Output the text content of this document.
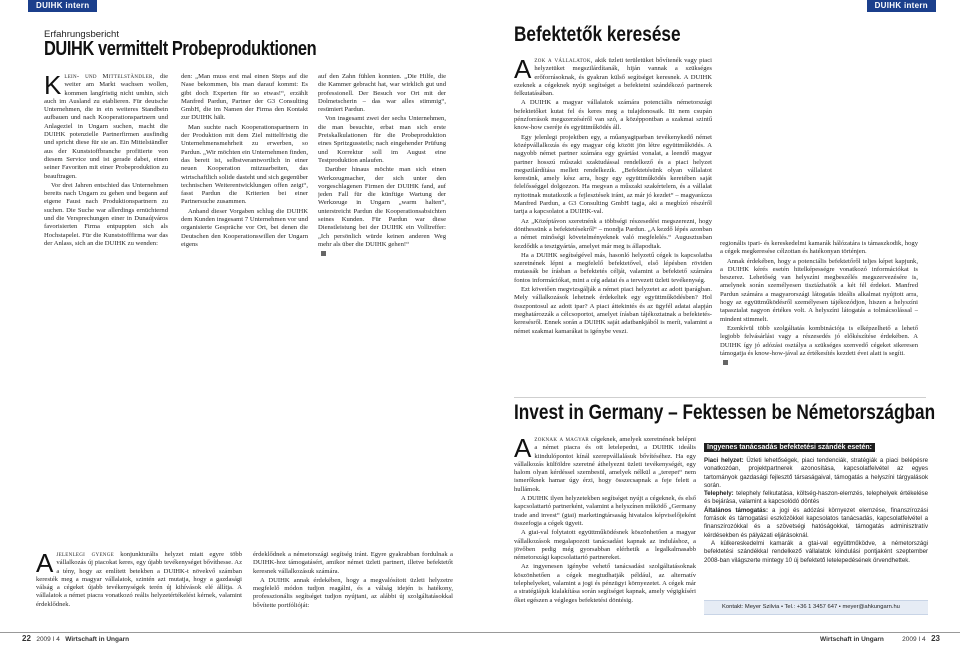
DUIHK intern
Erfahrungsbericht
DUIHK vermittelt Probeproduktionen

Klein- und Mittelständler, die weiter am Markt wachsen wollen, kommen langfristig nicht umhin, sich auch im Ausland zu etablieren. Für deutsche Unternehmen, die in ein weiteres Standbein aufbauen und nach Kooperationspartnern und Anlageziel in Ungarn suchen, macht die DUIHK potenzielle Partnerfirmen ausfindig und spricht diese für sie an. Ein Mittelständler aus der Kunststoffbranche profitierte von diesem Service und ist gerade dabei, einen seiner Favoriten mit einer Probeproduktion zu beauftragen.

Vor drei Jahren entschied das Unternehmen bereits nach Ungarn zu gehen und begann auf eigene Faust nach Produktionspartnern zu suchen. Die Suche war allerdings ernüchternd und die Versprechungen einer in Dunaújváros favorisierten Firma entpuppten sich als Hochstapelei. Für die Kunststofffirma war das der Anlass, sich an die DUIHK zu wenden:

den: „Man muss erst mal einen Steps auf die Nase bekommen, bis man darauf kommt: Es gibt doch Experten für so etwas!“, erzählt Manfred Pardun, Partner der G3 Consulting GmbH, die im Namen der Firma den Kontakt zur DUIHK hält.

Man suchte nach Kooperationspartnern in der Produktion mit dem Ziel mittelfristig die Unternehmensmehrheit zu erwerben, so Pardun. „Wir möchten ein Unternehmen finden, das bereit ist, selbstverantwortlich in einer neuen Kooperation mitzuarbeiten, das wirtschaftlich solide dasteht und sich gegenüber technischen Weiterentwicklungen offen zeigt“, fasst Pardun die Kriterien bei einer Partnersuche zusammen.

Anhand dieser Vorgaben schlug die DUIHK dem Kunden insgesamt 7 Unternehmen vor und organisierte Gespräche vor Ort, bei denen die Deutschen den Kooperationswillen der Ungarn eigens

auf den Zahn fühlen konnten. „Die Hilfe, die die Kammer gebracht hat, war wirklich gut und professionell. Der Besuch vor Ort mit der Dolmetscherin – das war alles stimmig“, resümiert Pardun.

Von insgesamt zwei der sechs Unternehmen, die man besuchte, erbat man sich erste Preiskalkulationen für die Probeproduktion eines Spritzgussteils; nach eingehender Prüfung und Korrektur soll im August eine Testproduktion anlaufen.

Darüber hinaus möchte man sich einen Werkzeugmacher, der sich unter den vorgeschlagenen Firmen der DUIHK fand, auf jeden Fall für die künftige Wartung der Werkzeuge in Ungarn „warm halten“, unterstreicht Pardun die Kooperationsabsichten seines Kunden. Für Pardun war diese Dienstleistung bei der DUIHK ein Volltreffer: „Ich persönlich würde keinen anderen Weg mehr als über die DUIHK gehen!“

Ajelenlegi gyenge konjunkturális helyzet miatt egyre több vállalkozás új piacokat keres, egy újabb tevékenységet bővíthesse. Az a tény, hogy az említett betekben a DUIHK-t növekvő számban keresték meg a magyar vállalatok, szintén azt mutatja, hogy a gazdasági válság a cégeket újabb tevékenységek terén új kihívások elé állítja. A vállalatok a német piacra vonatkozó reális helyzetértékelést kérnek, valamint érdeklődnek.

érdeklődnek a németországi segítség iránt. Egyre gyakrabban fordulnak a DUIHK-hoz támogatásért, amikor német üzleti partnert, illetve befektetőt keresnek vállalkozásuk számára.

A DUIHK annak érdekében, hogy a megvalósított üzleti helyzetre megfelelő módon tudjon reagálni, és a válság idején is hatékony, professzionális segítséget tudjon nyújtani, az alábbi új szolgáltatásokkal bővítette portfólióját:

22 2009 I 4 Wirtschaft in Ungarn
DUIHK intern
Befektetők keresése

Azok a vállalatok, akik üzleti területüket bővítenék vagy piaci helyzetüket megszilárdítanák, hiján vannak a szükséges erőforrásoknak, és gyakran külső segítséget keresnek. A DUIHK ezeknek a cégeknek nyújt segítséget a befektetni szándékozó partnerek felkutatásában.

A DUIHK a magyar vállalatok számára potenciális németországi befektetőket kutat fel és keres meg a tulajdonosaik. Itt nem csupán pénzforrások megszerzéséről van szó, a középpontban a szakmai szintű know-how cseréje és együttműködés áll.

Egy jelenlegi projektben egy, a műanyagiparban tevékenykedő német középvállalkozás és egy magyar cég között jön létre együttműködés. A nagyobb német partner számára egy gyártási vonalat, a leendő magyar partner hosszú műszaki szaktudással rendelkező és a piaci helyzet megszilárdítása mellett rendelkezik. „Befektetésünk olyan vállalatot keresünk, amely kész arra, hogy egy együttműködés keretében saját felelősséggel dolgozzon. Ha megvan a műszaki szakértelem, és a vállalat nyitottnak mutatkozik a fejlesztések iránt, az már jó kezdet“ – magyarázza Manfred Pardun, a G3 Consulting GmbH tagja, aki a megbízó részéről tartja a kapcsolatot a DUIHK-val.

Az „Középtávon szeretnénk a többségi részesedést megszerezni, hogy dönthessünk a befektetésekről“ – mondja Pardun. „A kezdő lépés azonban a német minőségi követelményeknek való megfelelés.“ Augusztusban kezdődik a tesztgyártás, amelyet már meg is állapodtak.

Ha a DUIHK segítségével más, hasonló helyzetű cégek is kapcsolatba szeretnének lépni a megfelelő befektetővel, első lépésben röviden mutassák be írásban a befektetés célját, valamint a befektető számára fontos információkat, mint a cég adatai és a tervezett üzleti tevékenység.

Ezt követően megvizsgálják a német piaci helyzetet az adott iparágban. Mely vállalkozások lehetnek érdekeltek egy együttműködésben? Hol összpontosul az adott ipar? A piaci áttekintés és az ügyfél adatai alapján meghatározzák a célcsoportot, amelyet írásban tájékoztatnak a befektetés-keresésről. Ennek során a DUIHK saját adatbankjából is merít, valamint a német szakmai kamarákat is igénybe veszi.

regionális ipari- és kereskedelmi kamarák hálózatára is támaszkodik, hogy a cégek megkeresése célzottan és hatékonyan történjen.

Annak érdekében, hogy a potenciális befektetőről teljes képet kapjunk, a DUIHK kérés esetén hitelképességre vonatkozó információkat is beszerez. Lehetőség van helyszíni megbeszélés megszervezésére is, amelynek során személyesen tisztázhatók a két fél érdekei. Manfred Pardun számára a magyarországi látogatás ideális alkalmat nyújtott arra, hogy az együttműködésről személyesen tájékozódjon, hiszen a helyszíni tapasztalat nagyon értékes volt. A helyszíni látogatás a tolmácsolással – mindent stimmelt.

Ezenkívül több szolgáltatás kombinációja is elképzelhető a lehető legjobb felvásárlási vagy a részesedés jó előkészítése érdekében. A DUIHK így jó adózási osztálya a szükséges szenvedő cégeket sikeresen támogatja és know-how-jával az értékesítés kezdeti évei alatt is segíti.

Invest in Germany – Fektessen be Németországban

Azoknak a magyar cégeknek, amelyek szeretnének belépni a német piacra és ott letelepedni, a DUIHK ideális kiindulópontot kínál szerepvállalásuk bővítéséhez. Ha egy vállalkozás külföldre szeretné áthelyezni üzleti tevékenységét, egy halom olyan kérdéssel szembesül, amelyek nélkül a „terepet“ nem ismerőknek hamar úgy érzi, hogy összecsapnak a feje felett a hullámok.

A DUIHK ilyen helyzetekben segítséget nyújt a cégeknek, és első kapcsolattartó partnerként, valamint a helyszínen működő „Germany trade and invest“ (gtai) marketingtársaság hivatalos képviselőjeként összefogja a cégek ügyeit.

A gtai-val folytatott együttműködésnek köszönhetően a magyar vállalkozások megalapozott tanácsadást kapnak az induláshoz, a jövőben pedig még gyorsabban elérhetik a legalkalmasabb németországi kapcsolattartó partnereket.

Az ingyenesen igénybe vehető tanácsadási szolgáltatásoknak köszönhetően a cégek megtudhatják például, az alternatív telephelyeket, valamint a jogi és pénzügyi környezetet. A cégek már a stratégiájuk kialakítása során segítséget kapnak, amely végigkíséri őket egészen a végleges befektetési döntésig.

Ingyenes tanácsadás befektetési szándék esetén:

Piaci helyzet: Üzleti lehetőségek, piaci tendenciák, stratégiák a piaci belépésre vonatkozóan, projektpartnerek azonosítása, kapcsolatfelvétel az egyes tartományok gazdasági fejlesztő társaságaival, támogatás a helyszíni tárgyalások során.

Telephely: telephely felkutatása, költség-haszon-elemzés, telephelyek értékelése és bejárása, valamint a kapcsolódó döntés

Általános támogatás: a jogi és adózási környezet elemzése, finanszírozási források és támogatási eszközökkel kapcsolatos tanácsadás, kapcsolatfelvétel a finanszírozókkal és a szövetségi hatóságokkal, támogatás adminisztratív kérdésekben és pályázati eljárásoknál.

A külkereskedelmi kamarák a gtai-val együttműködve, a németországi befektetési szándékkal rendelkező vállalatok kiindulási pontjaként szeptember 2008-ban világszerte mintegy 10 új befektető letelepedésének örvendhettek.

Kontakt: Meyer Szilvia • Tel.: +36 1 3457 647 • meyer@ahkungarn.hu
Wirtschaft in Ungarn	2009 I 4 23
